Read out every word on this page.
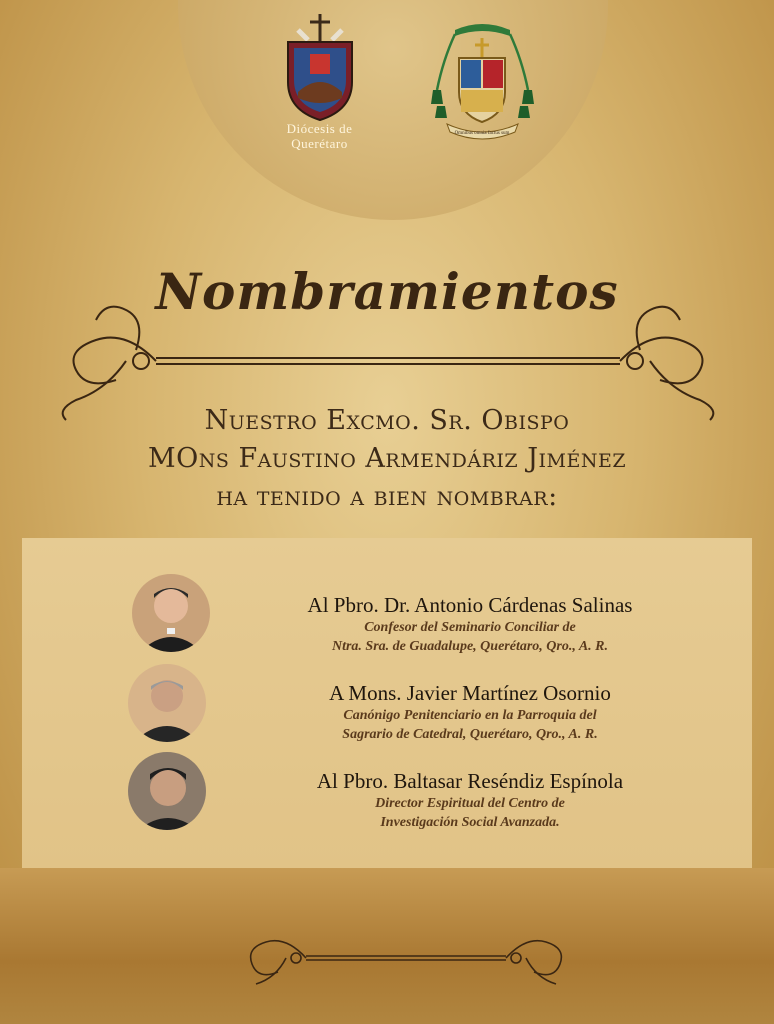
Diócesis de
Querétaro
Omnibus omnia factus sum
Nombramientos
Nuestro Excmo. Sr. Obispo
MOns Faustino Armendáriz Jiménez
ha tenido a bien nombrar:
Al Pbro. Dr. Antonio Cárdenas Salinas
Confesor del Seminario Conciliar de
Ntra. Sra. de Guadalupe, Querétaro, Qro., A. R.
A Mons. Javier Martínez Osornio
Canónigo Penitenciario en la Parroquia del
Sagrario de Catedral, Querétaro, Qro., A. R.
Al Pbro. Baltasar Reséndiz Espínola
Director Espiritual del Centro de
Investigación Social Avanzada.
